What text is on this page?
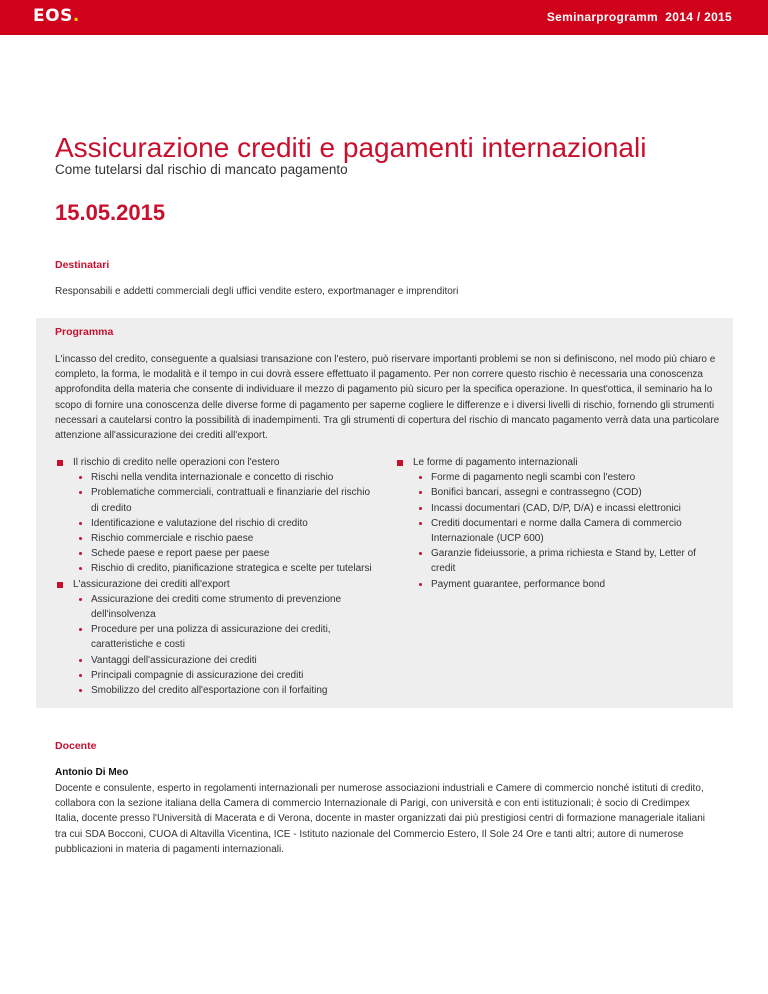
EOS.	Seminarprogramm  2014 / 2015
Assicurazione crediti e pagamenti internazionali
Come tutelarsi dal rischio di mancato pagamento
15.05.2015
Destinatari
Responsabili e addetti commerciali degli uffici vendite estero, exportmanager e imprenditori
Programma

L'incasso del credito, conseguente a qualsiasi transazione con l'estero, può riservare importanti problemi se non si definiscono, nel modo più chiaro e completo, la forma, le modalità e il tempo in cui dovrà essere effettuato il pagamento. Per non correre questo rischio è necessaria una conoscenza approfondita della materia che consente di individuare il mezzo di pagamento più sicuro per la specifica operazione. In quest'ottica, il seminario ha lo scopo di fornire una conoscenza delle diverse forme di pagamento per saperne cogliere le differenze e i diversi livelli di rischio, fornendo gli strumenti necessari a cautelarsi contro la possibilità di inadempimenti. Tra gli strumenti di copertura del rischio di mancato pagamento verrà data una particolare attenzione all'assicurazione dei crediti all'export.

Il rischio di credito nelle operazioni con l'estero
Rischi nella vendita internazionale e concetto di rischio
Problematiche commerciali, contrattuali e finanziarie del rischio di credito
Identificazione e valutazione del rischio di credito
Rischio commerciale e rischio paese
Schede paese e report paese per paese
Rischio di credito, pianificazione strategica e scelte per tutelarsi
L'assicurazione dei crediti all'export
Assicurazione dei crediti come strumento di prevenzione dell'insolvenza
Procedure per una polizza di assicurazione dei crediti, caratteristiche e costi
Vantaggi dell'assicurazione dei crediti
Principali compagnie di assicurazione dei crediti
Smobilizzo del credito all'esportazione con il forfaiting
Le forme di pagamento internazionali
Forme di pagamento negli scambi con l'estero
Bonifici bancari, assegni e contrassegno (COD)
Incassi documentari (CAD, D/P, D/A) e incassi elettronici
Crediti documentari e norme dalla Camera di commercio Internazionale (UCP 600)
Garanzie fideiussorie, a prima richiesta e Stand by, Letter of credit
Payment guarantee, performance bond
Docente
Antonio Di Meo

Docente e consulente, esperto in regolamenti internazionali per numerose associazioni industriali e Camere di commercio nonché istituti di credito, collabora con la sezione italiana della Camera di commercio Internazionale di Parigi, con università e con enti istituzionali; è socio di Credimpex Italia, docente presso l'Università di Macerata e di Verona, docente in master organizzati dai più prestigiosi centri di formazione manageriale italiani tra cui SDA Bocconi, CUOA di Altavilla Vicentina, ICE - Istituto nazionale del Commercio Estero, Il Sole 24 Ore e tanti altri; autore di numerose pubblicazioni in materia di pagamenti internazionali.
